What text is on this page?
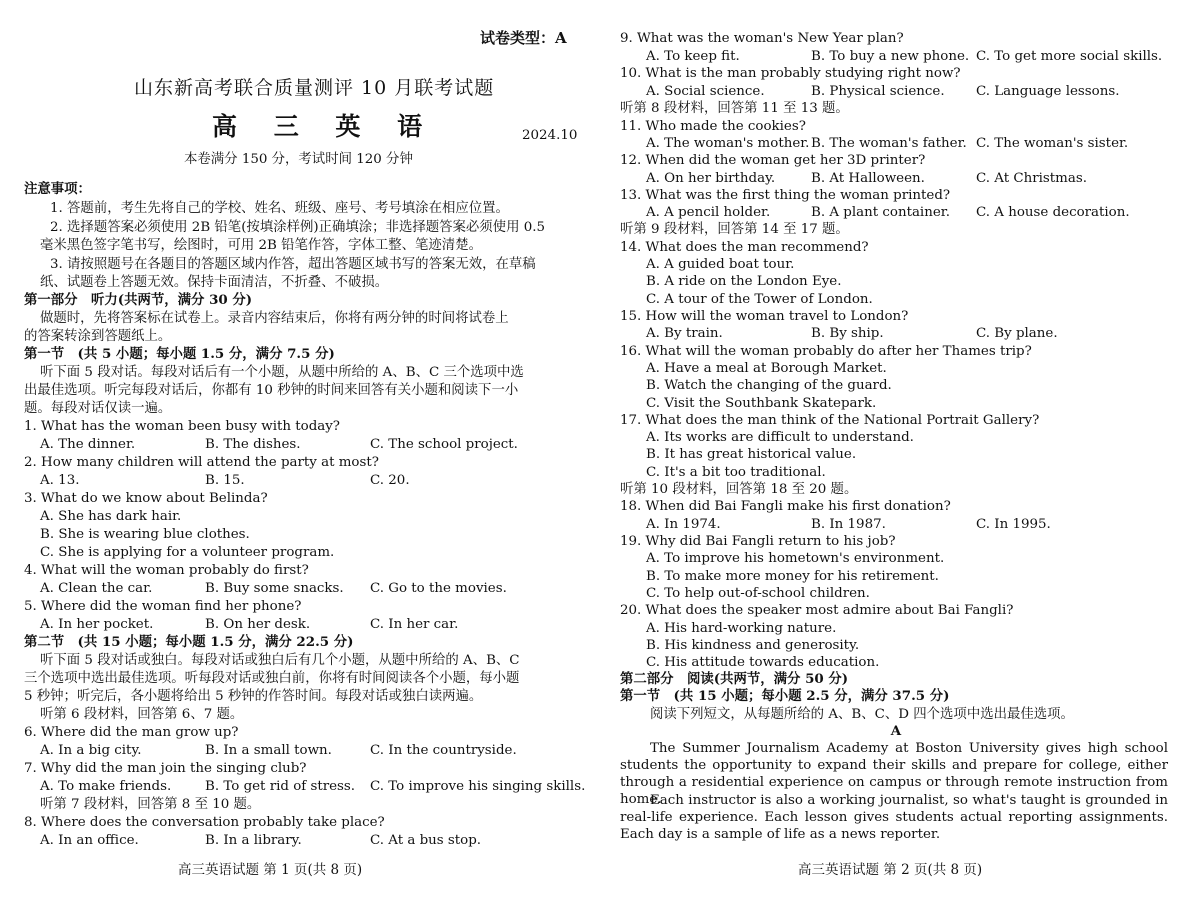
试卷类型：A
山东新高考联合质量测评 10 月联考试题
高 三 英 语	2024.10
本卷满分 150 分，考试时间 120 分钟
注意事项：
1. 答题前，考生先将自己的学校、姓名、班级、座号、考号填涂在相应位置。
2. 选择题答案必须使用 2B 铅笔(按填涂样例)正确填涂；非选择题答案必须使用 0.5
毫米黑色签字笔书写，绘图时，可用 2B 铅笔作答，字体工整、笔迹清楚。
3. 请按照题号在各题目的答题区域内作答，超出答题区域书写的答案无效，在草稿
纸、试题卷上答题无效。保持卡面清洁，不折叠、不破损。
第一部分　听力(共两节，满分 30 分)
做题时，先将答案标在试卷上。录音内容结束后，你将有两分钟的时间将试卷上
的答案转涂到答题纸上。
第一节　(共 5 小题；每小题 1.5 分，满分 7.5 分)
听下面 5 段对话。每段对话后有一个小题，从题中所给的 A、B、C 三个选项中选
出最佳选项。听完每段对话后，你都有 10 秒钟的时间来回答有关小题和阅读下一小
题。每段对话仅读一遍。
1. What has the woman been busy with today?
A. The dinner.	B. The dishes.	C. The school project.
2. How many children will attend the party at most?
A. 13.	B. 15.	C. 20.
3. What do we know about Belinda?
A. She has dark hair.
B. She is wearing blue clothes.
C. She is applying for a volunteer program.
4. What will the woman probably do first?
A. Clean the car.	B. Buy some snacks.	C. Go to the movies.
5. Where did the woman find her phone?
A. In her pocket.	B. On her desk.	C. In her car.
第二节　(共 15 小题；每小题 1.5 分，满分 22.5 分)
听下面 5 段对话或独白。每段对话或独白后有几个小题，从题中所给的 A、B、C
三个选项中选出最佳选项。听每段对话或独白前，你将有时间阅读各个小题，每小题
5 秒钟；听完后，各小题将给出 5 秒钟的作答时间。每段对话或独白读两遍。
听第 6 段材料，回答第 6、7 题。
6. Where did the man grow up?
A. In a big city.	B. In a small town.	C. In the countryside.
7. Why did the man join the singing club?
A. To make friends.	B. To get rid of stress.	C. To improve his singing skills.
听第 7 段材料，回答第 8 至 10 题。
8. Where does the conversation probably take place?
A. In an office.	B. In a library.	C. At a bus stop.
高三英语试题 第 1 页(共 8 页)
9. What was the woman's New Year plan?
A. To keep fit.	B. To buy a new phone. C. To get more social skills.
10. What is the man probably studying right now?
A. Social science.	B. Physical science.	C. Language lessons.
听第 8 段材料，回答第 11 至 13 题。
11. Who made the cookies?
A. The woman's mother. B. The woman's father. C. The woman's sister.
12. When did the woman get her 3D printer?
A. On her birthday.	B. At Halloween.	C. At Christmas.
13. What was the first thing the woman printed?
A. A pencil holder.	B. A plant container.	C. A house decoration.
听第 9 段材料，回答第 14 至 17 题。
14. What does the man recommend?
A. A guided boat tour.
B. A ride on the London Eye.
C. A tour of the Tower of London.
15. How will the woman travel to London?
A. By train.	B. By ship.	C. By plane.
16. What will the woman probably do after her Thames trip?
A. Have a meal at Borough Market.
B. Watch the changing of the guard.
C. Visit the Southbank Skatepark.
17. What does the man think of the National Portrait Gallery?
A. Its works are difficult to understand.
B. It has great historical value.
C. It's a bit too traditional.
听第 10 段材料，回答第 18 至 20 题。
18. When did Bai Fangli make his first donation?
A. In 1974.	B. In 1987.	C. In 1995.
19. Why did Bai Fangli return to his job?
A. To improve his hometown's environment.
B. To make more money for his retirement.
C. To help out-of-school children.
20. What does the speaker most admire about Bai Fangli?
A. His hard-working nature.
B. His kindness and generosity.
C. His attitude towards education.
第二部分　阅读(共两节，满分 50 分)
第一节　(共 15 小题；每小题 2.5 分，满分 37.5 分)
阅读下列短文，从每题所给的 A、B、C、D 四个选项中选出最佳选项。
A
The Summer Journalism Academy at Boston University gives high school students the opportunity to expand their skills and prepare for college, either through a residential experience on campus or through remote instruction from home.
Each instructor is also a working journalist, so what's taught is grounded in real-life experience. Each lesson gives students actual reporting assignments. Each day is a sample of life as a news reporter.
高三英语试题 第 2 页(共 8 页)
